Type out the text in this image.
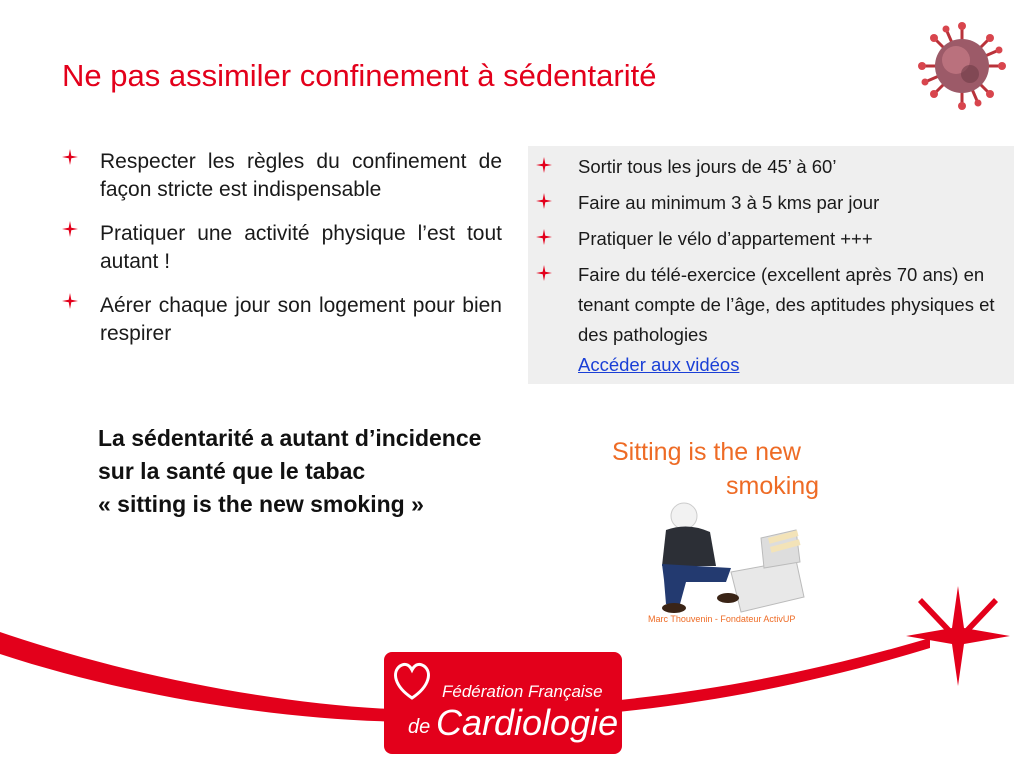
Ne pas assimiler confinement à sédentarité
Respecter les règles du confinement de façon stricte est indispensable
Pratiquer une activité physique l’est tout autant !
Aérer chaque jour son logement pour bien respirer
Sortir tous les jours de 45’ à 60’
Faire au minimum 3 à 5 kms par jour
Pratiquer le vélo d’appartement +++
Faire du télé-exercice (excellent après 70 ans) en tenant compte de l’âge, des aptitudes physiques et des pathologies
Accéder aux vidéos
La sédentarité a autant d’incidence
sur la santé que le tabac
« sitting is the new smoking »
Sitting is the new
smoking
Marc Thouvenin - Fondateur ActivUP
Fédération Française
de Cardiologie
